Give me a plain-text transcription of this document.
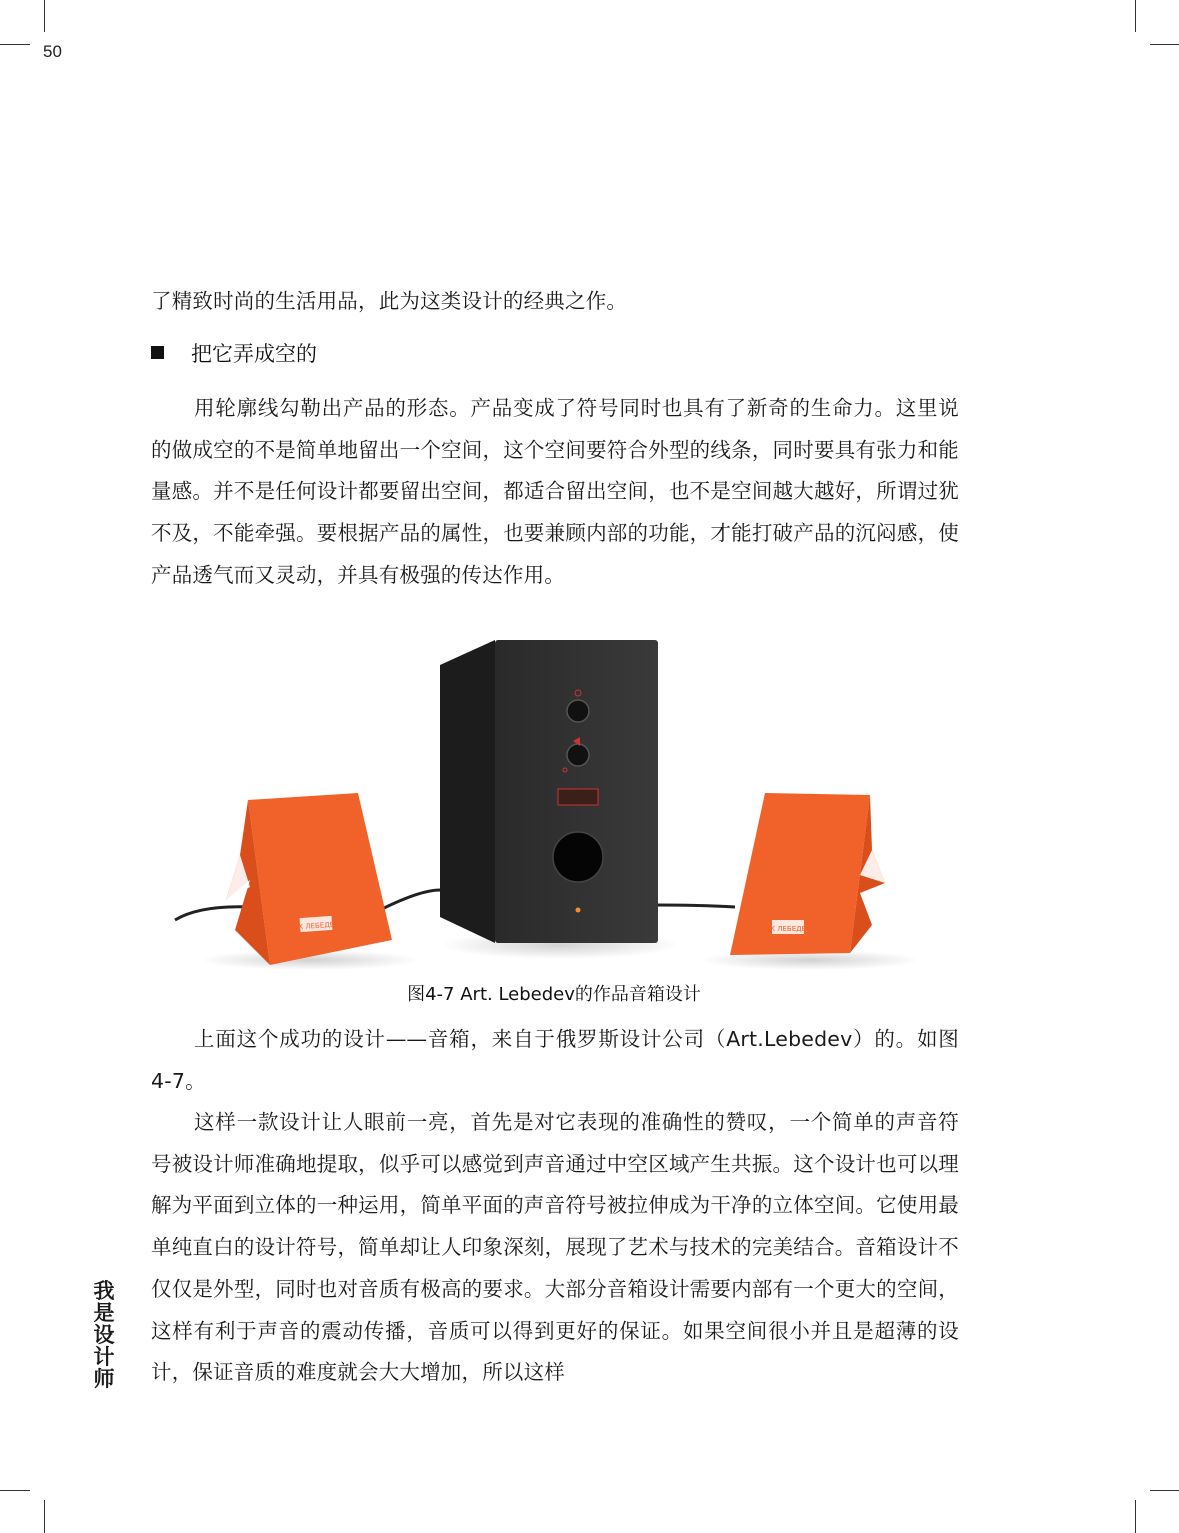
50
了精致时尚的生活用品，此为这类设计的经典之作。
把它弄成空的
用轮廓线勾勒出产品的形态。产品变成了符号同时也具有了新奇的生命力。这里说的做成空的不是简单地留出一个空间，这个空间要符合外型的线条，同时要具有张力和能量感。并不是任何设计都要留出空间，都适合留出空间，也不是空间越大越好，所谓过犹不及，不能牵强。要根据产品的属性，也要兼顾内部的功能，才能打破产品的沉闷感，使产品透气而又灵动，并具有极强的传达作用。
ЯК ЛЕБЕДЕВ	ЯК ЛЕБЕДЕВ
图4-7 Art. Lebedev的作品音箱设计
上面这个成功的设计——音箱，来自于俄罗斯设计公司（Art.Lebedev）的。如图4-7。
这样一款设计让人眼前一亮，首先是对它表现的准确性的赞叹，一个简单的声音符号被设计师准确地提取，似乎可以感觉到声音通过中空区域产生共振。这个设计也可以理解为平面到立体的一种运用，简单平面的声音符号被拉伸成为干净的立体空间。它使用最单纯直白的设计符号，简单却让人印象深刻，展现了艺术与技术的完美结合。音箱设计不仅仅是外型，同时也对音质有极高的要求。大部分音箱设计需要内部有一个更大的空间，这样有利于声音的震动传播，音质可以得到更好的保证。如果空间很小并且是超薄的设计，保证音质的难度就会大大增加，所以这样
我是设计师
